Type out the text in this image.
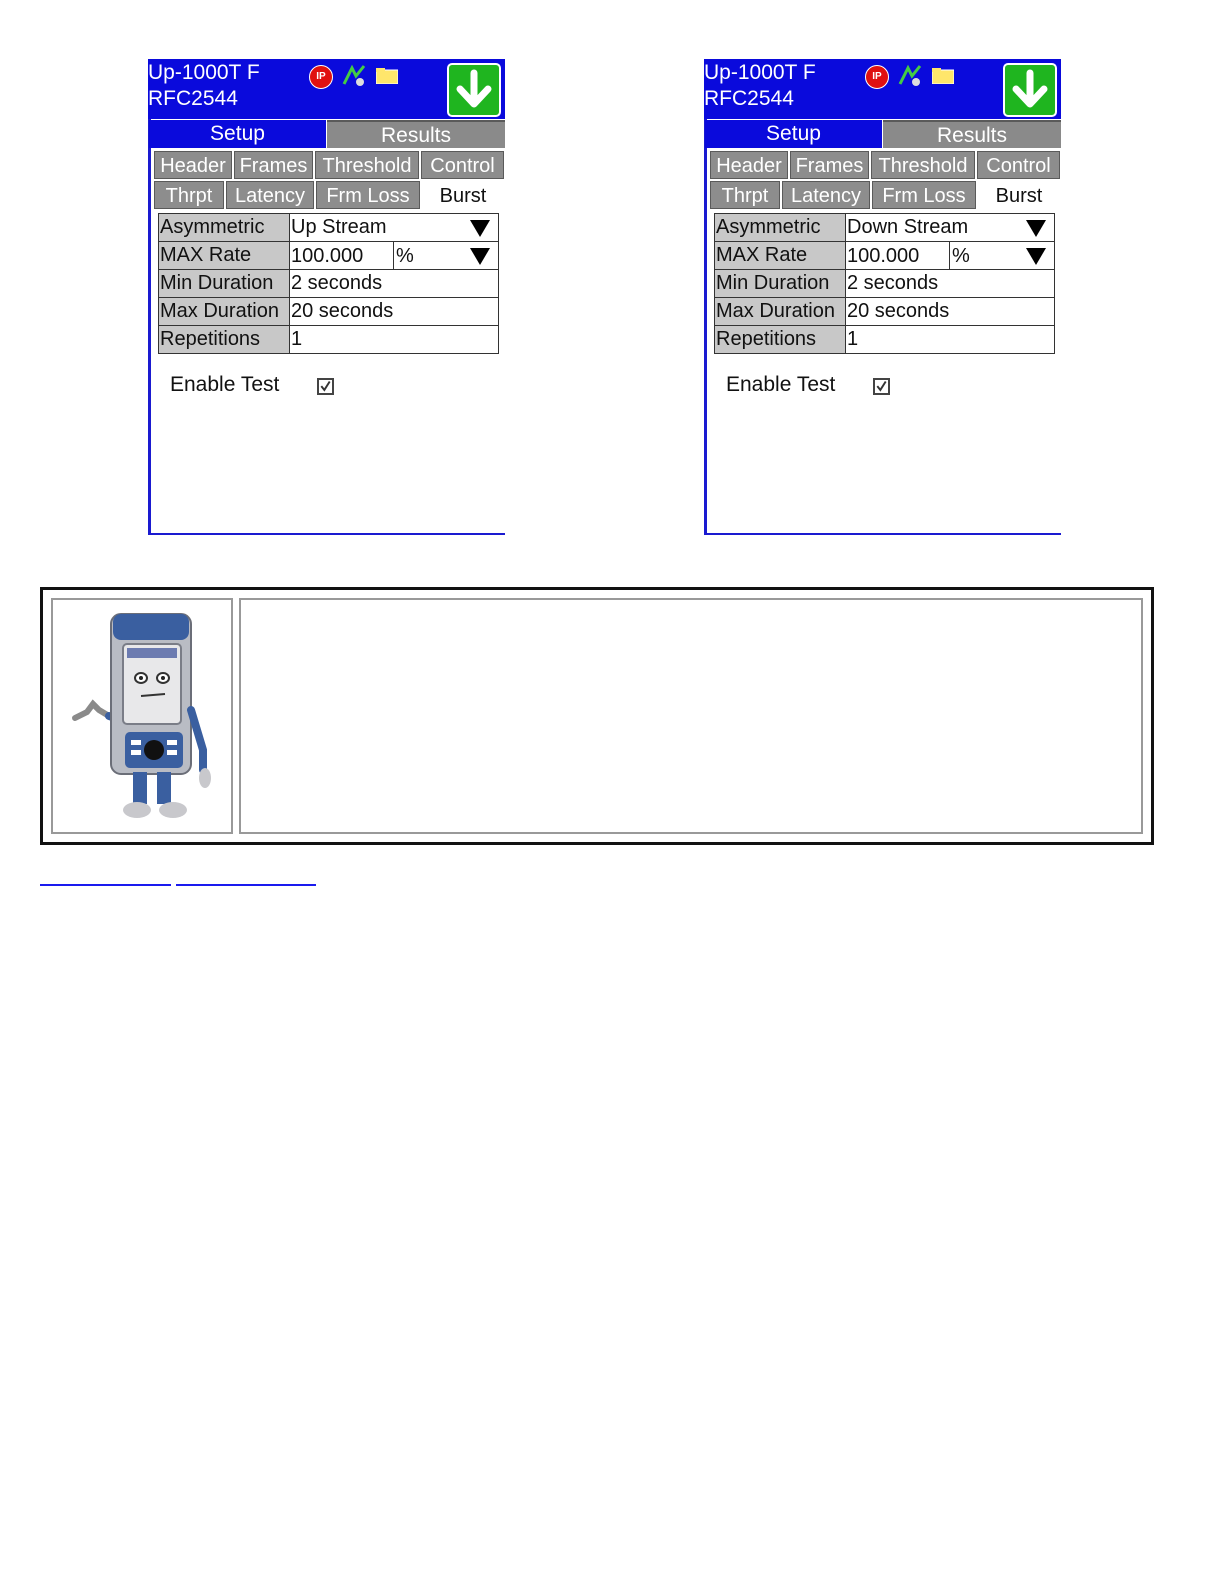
Up-1000T F
RFC2544
IP
Setup	Results
Header Frames Threshold Control
Thrpt	Latency	Frm Loss	Burst
Asymmetric	Up Stream

MAX Rate	100.000 %

Min Duration	2 seconds
Max Duration	20 seconds
Repetitions	1
Enable Test
Up-1000T F
RFC2544
IP
Setup	Results
Header Frames Threshold Control
Thrpt	Latency	Frm Loss	Burst
Asymmetric	Down Stream

MAX Rate	100.000 %

Min Duration	2 seconds
Max Duration	20 seconds
Repetitions	1
Enable Test
